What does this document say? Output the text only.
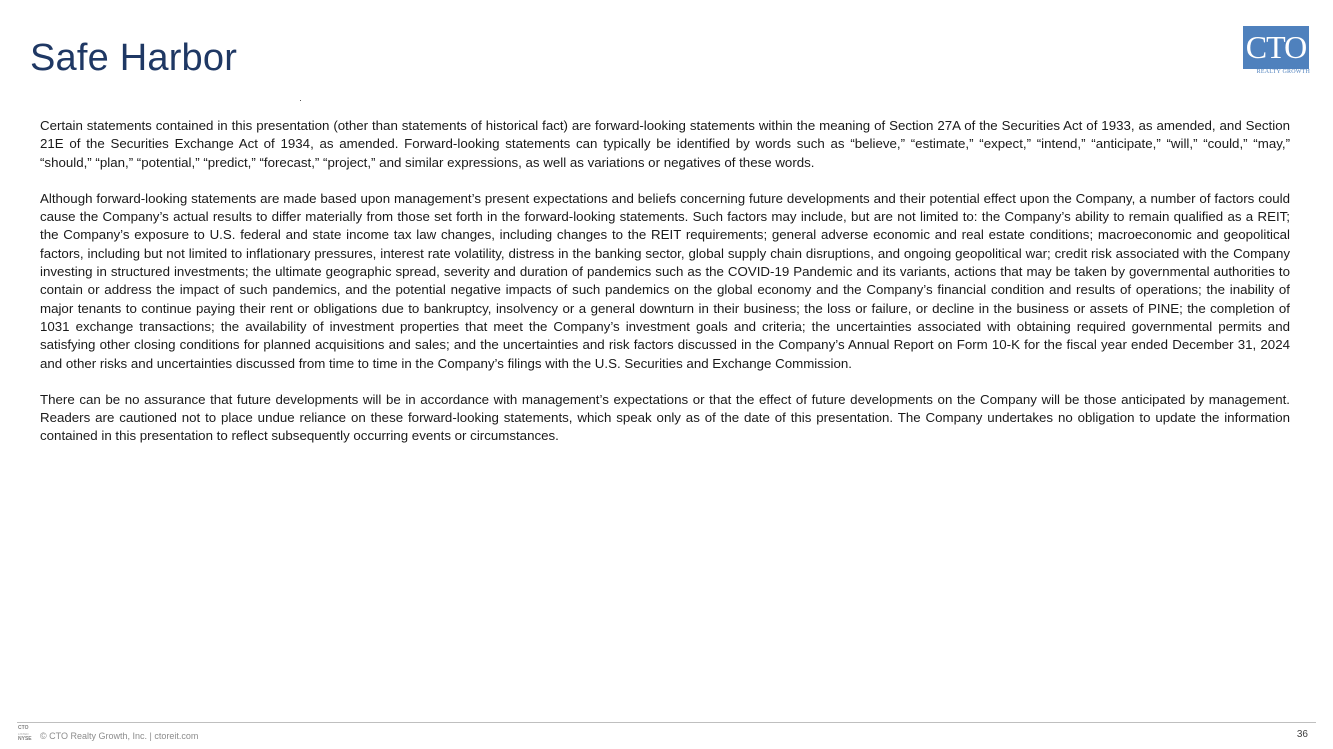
Safe Harbor	CTO
REALTY GROWTH

Certain statements contained in this presentation (other than statements of historical fact) are forward-looking statements within the meaning of Section 27A of the Securities Act of 1933, as amended, and Section 21E of the Securities Exchange Act of 1934, as amended. Forward-looking statements can typically be identified by words such as “believe,” “estimate,” “expect,” “intend,” “anticipate,” “will,” “could,” “may,” “should,” “plan,” “potential,” “predict,” “forecast,” “project,” and similar expressions, as well as variations or negatives of these words.

Although forward-looking statements are made based upon management’s present expectations and beliefs concerning future developments and their potential effect upon the Company, a number of factors could cause the Company’s actual results to differ materially from those set forth in the forward-looking statements. Such factors may include, but are not limited to: the Company’s ability to remain qualified as a REIT; the Company’s exposure to U.S. federal and state income tax law changes, including changes to the REIT requirements; general adverse economic and real estate conditions; macroeconomic and geopolitical factors, including but not limited to inflationary pressures, interest rate volatility, distress in the banking sector, global supply chain disruptions, and ongoing geopolitical war; credit risk associated with the Company investing in structured investments; the ultimate geographic spread, severity and duration of pandemics such as the COVID-19 Pandemic and its variants, actions that may be taken by governmental authorities to contain or address the impact of such pandemics, and the potential negative impacts of such pandemics on the global economy and the Company’s financial condition and results of operations; the inability of major tenants to continue paying their rent or obligations due to bankruptcy, insolvency or a general downturn in their business; the loss or failure, or decline in the business or assets of PINE; the completion of 1031 exchange transactions; the availability of investment properties that meet the Company’s investment goals and criteria; the uncertainties associated with obtaining required governmental permits and satisfying other closing conditions for planned acquisitions and sales; and the uncertainties and risk factors discussed in the Company’s Annual Report on Form 10-K for the fiscal year ended December 31, 2024 and other risks and uncertainties discussed from time to time in the Company’s filings with the U.S. Securities and Exchange Commission.

There can be no assurance that future developments will be in accordance with management’s expectations or that the effect of future developments on the Company will be those anticipated by management. Readers are cautioned not to place undue reliance on these forward-looking statements, which speak only as of the date of this presentation. The Company undertakes no obligation to update the information contained in this presentation to reflect subsequently occurring events or circumstances.

CTO
LISTED
NYSE © CTO Realty Growth, Inc. | ctoreit.com	36
